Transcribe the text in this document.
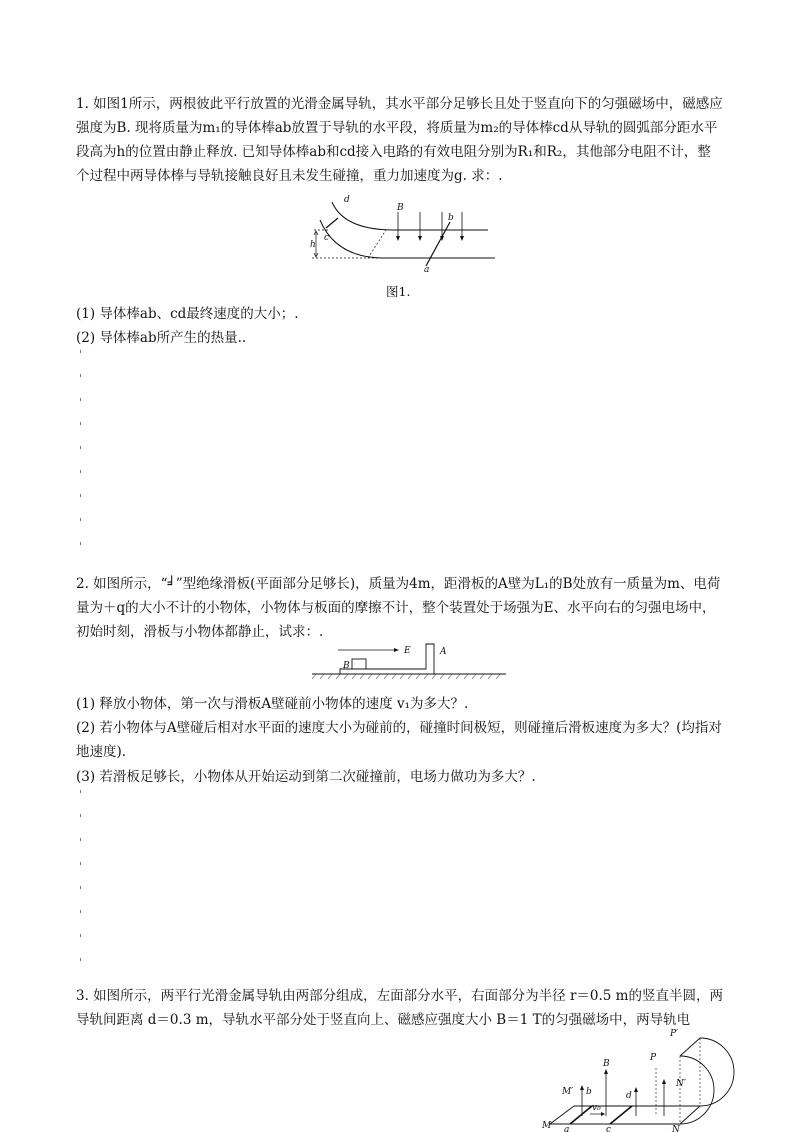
1. 如图1所示，两根彼此平行放置的光滑金属导轨，其水平部分足够长且处于竖直向下的匀强磁场中，磁感应强度为B. 现将质量为m₁的导体棒ab放置于导轨的水平段，将质量为m₂的导体棒cd从导轨的圆弧部分距水平段高为h的位置由静止释放. 已知导体棒ab和cd接入电路的有效电阻分别为R₁和R₂，其他部分电阻不计，整个过程中两导体棒与导轨接触良好且未发生碰撞，重力加速度为g. 求：.

d
c
h
B
b
a
图1.
(1) 导体棒ab、cd最终速度的大小；.
(2) 导体棒ab所产生的热量..
'
'
'
'
'
'
'
'
'

2. 如图所示，“╛”型绝缘滑板(平面部分足够长)，质量为4m，距滑板的A壁为L₁的B处放有一质量为m、电荷量为＋q的大小不计的小物体，小物体与板面的摩擦不计，整个装置处于场强为E、水平向右的匀强电场中，初始时刻，滑板与小物体都静止，试求：.

B
E	A
(1) 释放小物体，第一次与滑板A壁碰前小物体的速度 v₁为多大？.

(2) 若小物体与A壁碰后相对水平面的速度大小为碰前的，碰撞时间极短，则碰撞后滑板速度为多大？(均指对地速度).

(3) 若滑板足够长，小物体从开始运动到第二次碰撞前，电场力做功为多大？.
'
'
'
'
'
'
'
'

3. 如图所示，两平行光滑金属导轨由两部分组成，左面部分水平，右面部分为半径 r＝0.5 m的竖直半圆，两导轨间距离 d＝0.3 m，导轨水平部分处于竖直向上、磁感应强度大小 B＝1 T的匀强磁场中，两导轨电

P′
P
B
M′ b	d
v₀
N′
M a	c	N
